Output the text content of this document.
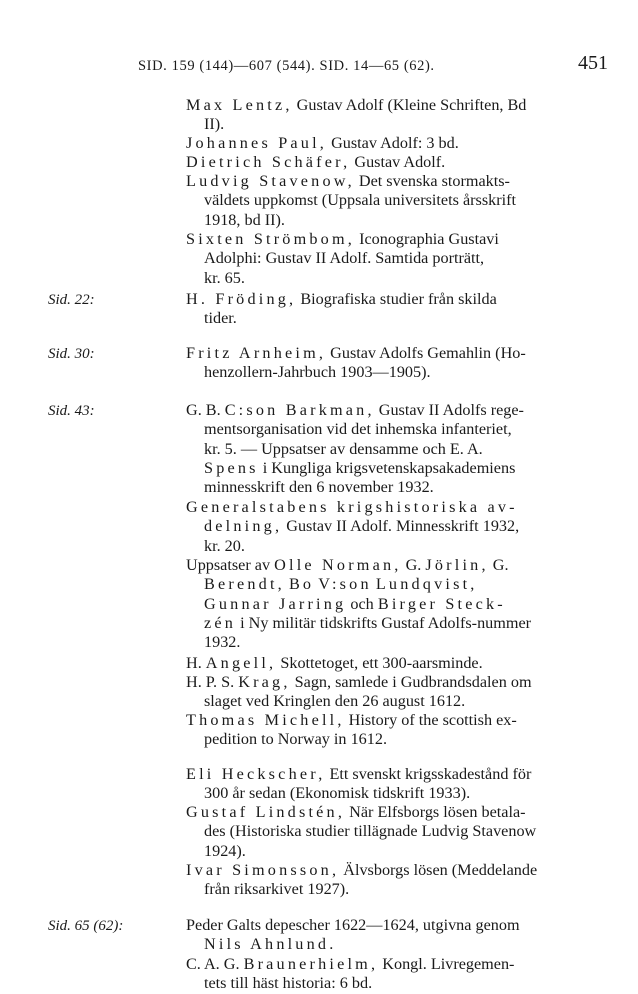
SID. 159 (144)—607 (544). SID. 14—65 (62).	451
Max Lentz, Gustav Adolf (Kleine Schriften, Bd
II).
Johannes Paul, Gustav Adolf: 3 bd.
Dietrich Schäfer, Gustav Adolf.
Ludvig Stavenow, Det svenska stormakts-
väldets uppkomst (Uppsala universitets årsskrift
1918, bd II).
Sixten Strömbom, Iconographia Gustavi
Adolphi: Gustav II Adolf. Samtida porträtt,
kr. 65.
Sid. 22:	H. Fröding, Biografiska studier från skilda
tider.
Sid. 30:	Fritz Arnheim, Gustav Adolfs Gemahlin (Ho-
henzollern-Jahrbuch 1903—1905).
Sid. 43:	G. B. C:son Barkman, Gustav II Adolfs rege-
mentsorganisation vid det inhemska infanteriet,
kr. 5. — Uppsatser av densamme och E. A.
Spens i Kungliga krigsvetenskapsakademiens
minnesskrift den 6 november 1932.
Generalstabens krigshistoriska av-
delning, Gustav II Adolf. Minnesskrift 1932,
kr. 20.
Uppsatser av Olle Norman, G. Jörlin, G.
Berendt, Bo V:son Lundqvist,
Gunnar Jarring och Birger Steck-
zén i Ny militär tidskrifts Gustaf Adolfs-nummer
1932.
H. Angell, Skottetoget, ett 300-aarsminde.
H. P. S. Krag, Sagn, samlede i Gudbrandsdalen om
slaget ved Kringlen den 26 august 1612.
Thomas Michell, History of the scottish ex-
pedition to Norway in 1612.
Eli Heckscher, Ett svenskt krigsskadestånd för
300 år sedan (Ekonomisk tidskrift 1933).
Gustaf Lindstén, När Elfsborgs lösen betala-
des (Historiska studier tillägnade Ludvig Stavenow
1924).
Ivar Simonsson, Älvsborgs lösen (Meddelande
från riksarkivet 1927).
Sid. 65 (62):	Peder Galts depescher 1622—1624, utgivna genom
Nils Ahnlund.
C. A. G. Braunerhielm, Kongl. Livregemen-
tets till häst historia: 6 bd.
